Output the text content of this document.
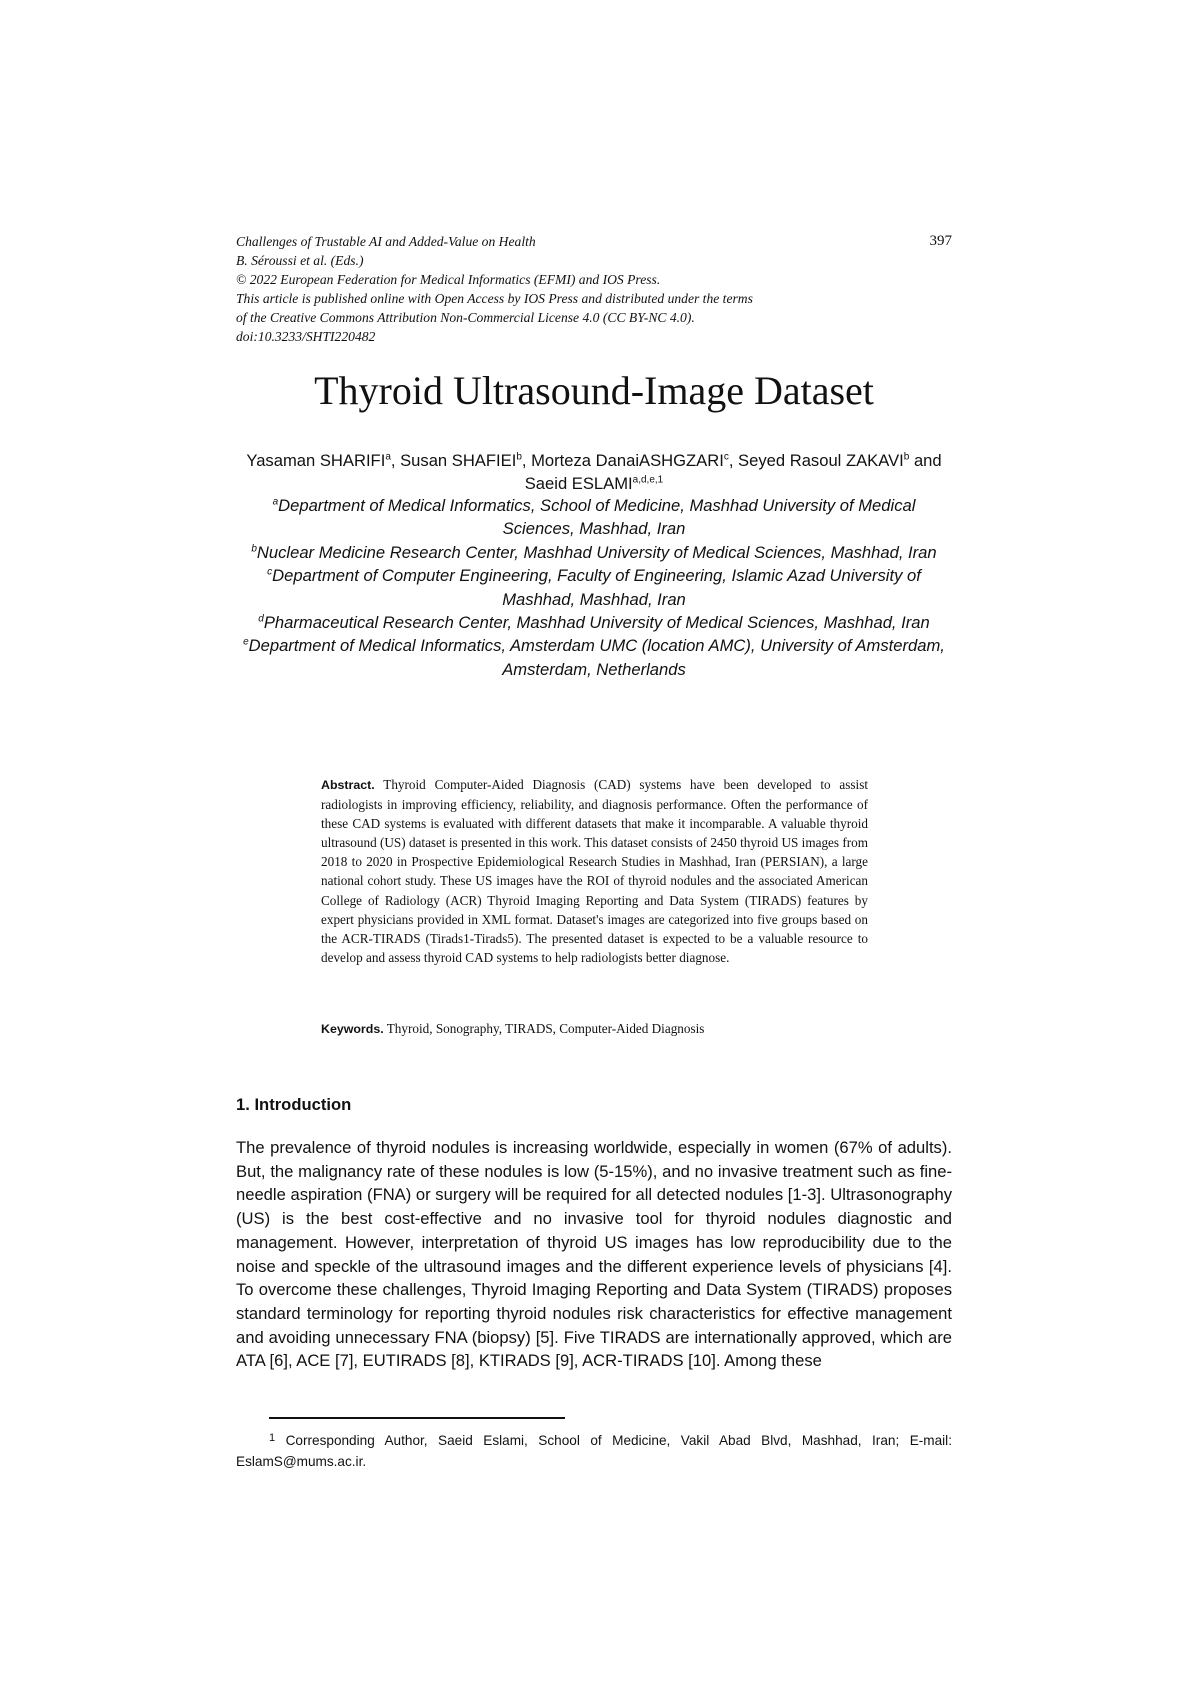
397
Challenges of Trustable AI and Added-Value on Health
B. Séroussi et al. (Eds.)
© 2022 European Federation for Medical Informatics (EFMI) and IOS Press.
This article is published online with Open Access by IOS Press and distributed under the terms
of the Creative Commons Attribution Non-Commercial License 4.0 (CC BY-NC 4.0).
doi:10.3233/SHTI220482
Thyroid Ultrasound-Image Dataset
Yasaman SHARIFI$^a$, Susan SHAFIEI$^b$, Morteza DanaiASHGZARI$^c$, Seyed Rasoul ZAKAVI$^b$ and Saeid ESLAMI$^{a,d,e,1}$
$^a$Department of Medical Informatics, School of Medicine, Mashhad University of Medical Sciences, Mashhad, Iran
$^b$Nuclear Medicine Research Center, Mashhad University of Medical Sciences, Mashhad, Iran
$^c$Department of Computer Engineering, Faculty of Engineering, Islamic Azad University of Mashhad, Mashhad, Iran
$^d$Pharmaceutical Research Center, Mashhad University of Medical Sciences, Mashhad, Iran
$^e$Department of Medical Informatics, Amsterdam UMC (location AMC), University of Amsterdam, Amsterdam, Netherlands
Abstract. Thyroid Computer-Aided Diagnosis (CAD) systems have been developed to assist radiologists in improving efficiency, reliability, and diagnosis performance. Often the performance of these CAD systems is evaluated with different datasets that make it incomparable. A valuable thyroid ultrasound (US) dataset is presented in this work. This dataset consists of 2450 thyroid US images from 2018 to 2020 in Prospective Epidemiological Research Studies in Mashhad, Iran (PERSIAN), a large national cohort study. These US images have the ROI of thyroid nodules and the associated American College of Radiology (ACR) Thyroid Imaging Reporting and Data System (TIRADS) features by expert physicians provided in XML format. Dataset's images are categorized into five groups based on the ACR-TIRADS (Tirads1-Tirads5). The presented dataset is expected to be a valuable resource to develop and assess thyroid CAD systems to help radiologists better diagnose.
Keywords. Thyroid, Sonography, TIRADS, Computer-Aided Diagnosis
1. Introduction

The prevalence of thyroid nodules is increasing worldwide, especially in women (67% of adults). But, the malignancy rate of these nodules is low (5-15%), and no invasive treatment such as fine-needle aspiration (FNA) or surgery will be required for all detected nodules [1-3]. Ultrasonography (US) is the best cost-effective and no invasive tool for thyroid nodules diagnostic and management. However, interpretation of thyroid US images has low reproducibility due to the noise and speckle of the ultrasound images and the different experience levels of physicians [4]. To overcome these challenges, Thyroid Imaging Reporting and Data System (TIRADS) proposes standard terminology for reporting thyroid nodules risk characteristics for effective management and avoiding unnecessary FNA (biopsy) [5]. Five TIRADS are internationally approved, which are ATA [6], ACE [7], EUTIRADS [8], KTIRADS [9], ACR-TIRADS [10]. Among these

$^1$ Corresponding Author, Saeid Eslami, School of Medicine, Vakil Abad Blvd, Mashhad, Iran; E-mail: EslamS@mums.ac.ir.
